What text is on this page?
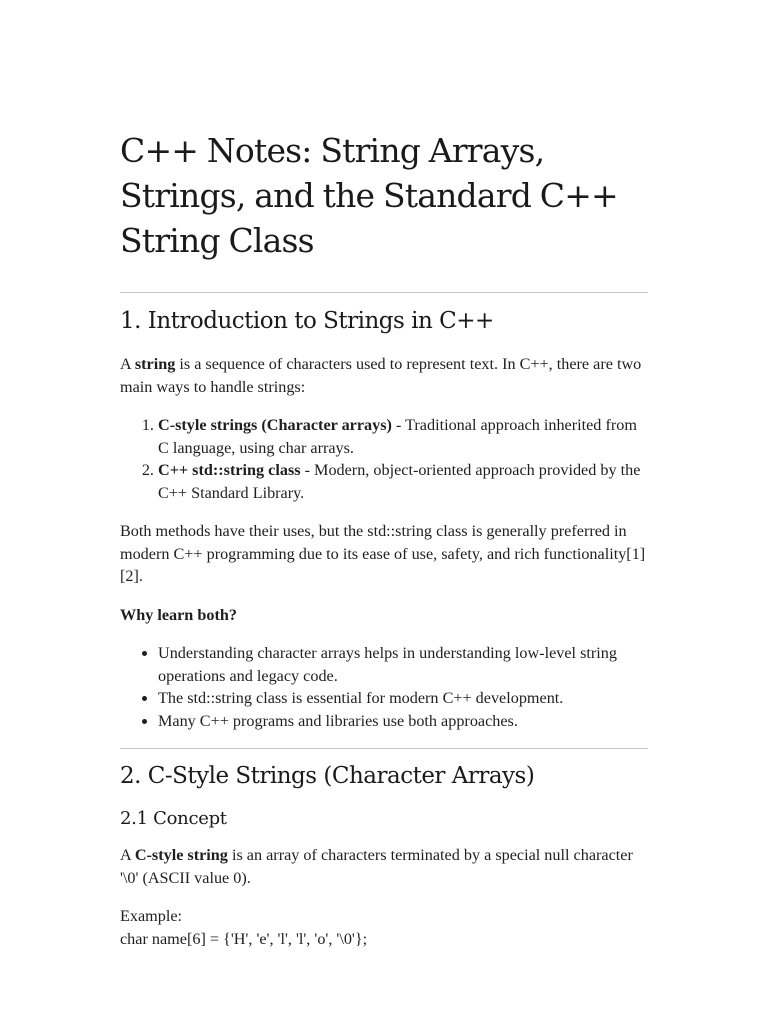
C++ Notes: String Arrays, Strings, and the Standard C++ String Class
1. Introduction to Strings in C++

A string is a sequence of characters used to represent text. In C++, there are two main ways to handle strings:

1. C-style strings (Character arrays) - Traditional approach inherited from C language, using char arrays.
2. C++ std::string class - Modern, object-oriented approach provided by the C++ Standard Library.

Both methods have their uses, but the std::string class is generally preferred in modern C++ programming due to its ease of use, safety, and rich functionality[1][2].

Why learn both?

• Understanding character arrays helps in understanding low-level string operations and legacy code.
• The std::string class is essential for modern C++ development.
• Many C++ programs and libraries use both approaches.
2. C-Style Strings (Character Arrays)
2.1 Concept

A C-style string is an array of characters terminated by a special null character '\0' (ASCII value 0).

Example:
char name[6] = {'H', 'e', 'l', 'l', 'o', '\0'};
